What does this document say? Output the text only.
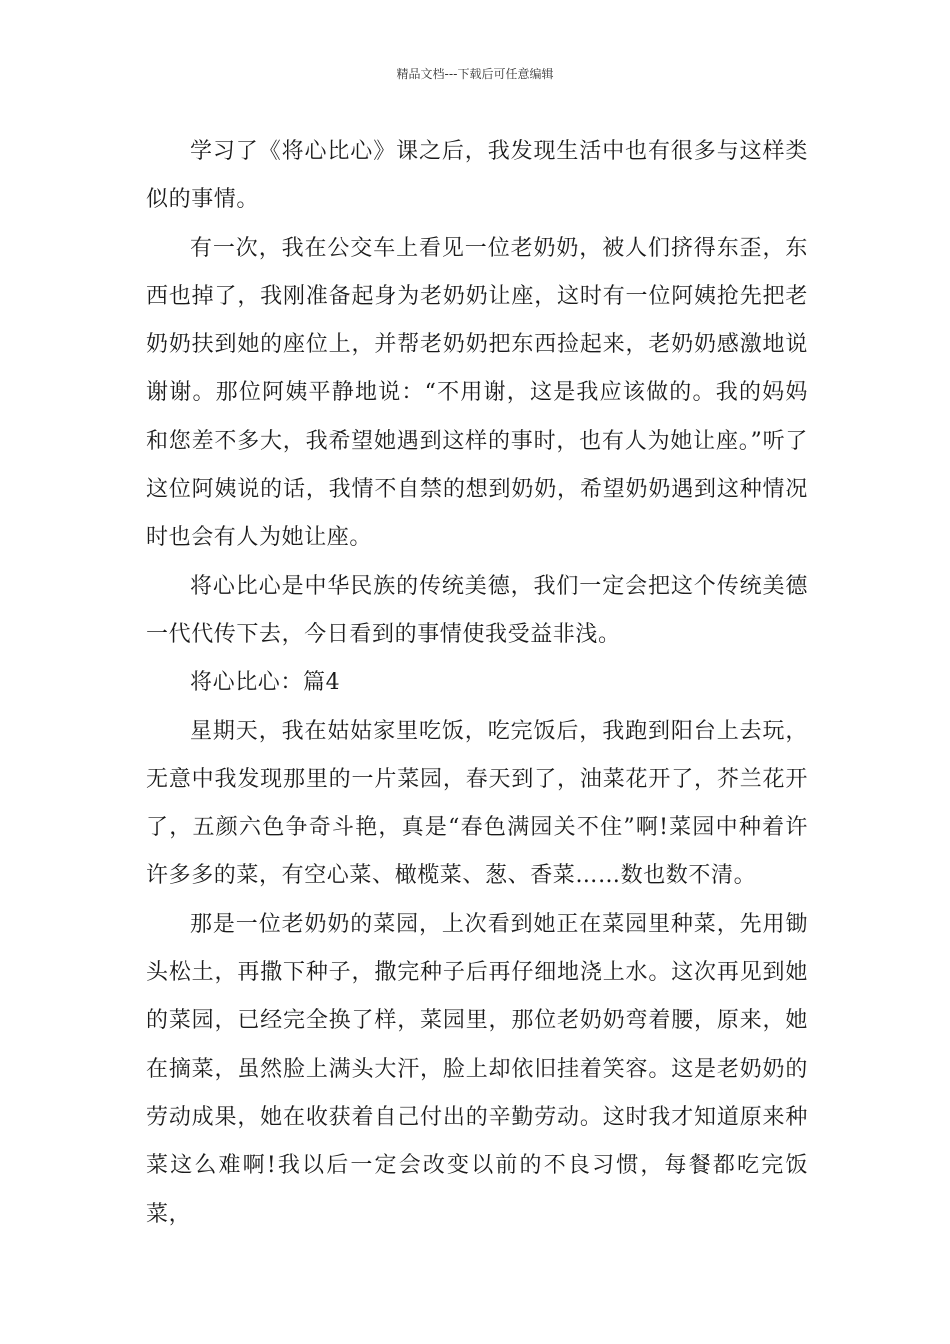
精品文档---下载后可任意编辑

学习了《将心比心》课之后，我发现生活中也有很多与这样类似的事情。

有一次，我在公交车上看见一位老奶奶，被人们挤得东歪，东西也掉了，我刚准备起身为老奶奶让座，这时有一位阿姨抢先把老奶奶扶到她的座位上，并帮老奶奶把东西捡起来，老奶奶感激地说谢谢。那位阿姨平静地说：“不用谢，这是我应该做的。我的妈妈和您差不多大，我希望她遇到这样的事时，也有人为她让座。”听了这位阿姨说的话，我情不自禁的想到奶奶，希望奶奶遇到这种情况时也会有人为她让座。

将心比心是中华民族的传统美德，我们一定会把这个传统美德一代代传下去，今日看到的事情使我受益非浅。

将心比心：篇4

星期天，我在姑姑家里吃饭，吃完饭后，我跑到阳台上去玩，无意中我发现那里的一片菜园，春天到了，油菜花开了，芥兰花开了，五颜六色争奇斗艳，真是“春色满园关不住”啊!菜园中种着许许多多的菜，有空心菜、橄榄菜、葱、香菜……数也数不清。

那是一位老奶奶的菜园，上次看到她正在菜园里种菜，先用锄头松土，再撒下种子，撒完种子后再仔细地浇上水。这次再见到她的菜园，已经完全换了样，菜园里，那位老奶奶弯着腰，原来，她在摘菜，虽然脸上满头大汗，脸上却依旧挂着笑容。这是老奶奶的劳动成果，她在收获着自己付出的辛勤劳动。这时我才知道原来种菜这么难啊!我以后一定会改变以前的不良习惯，每餐都吃完饭菜，
